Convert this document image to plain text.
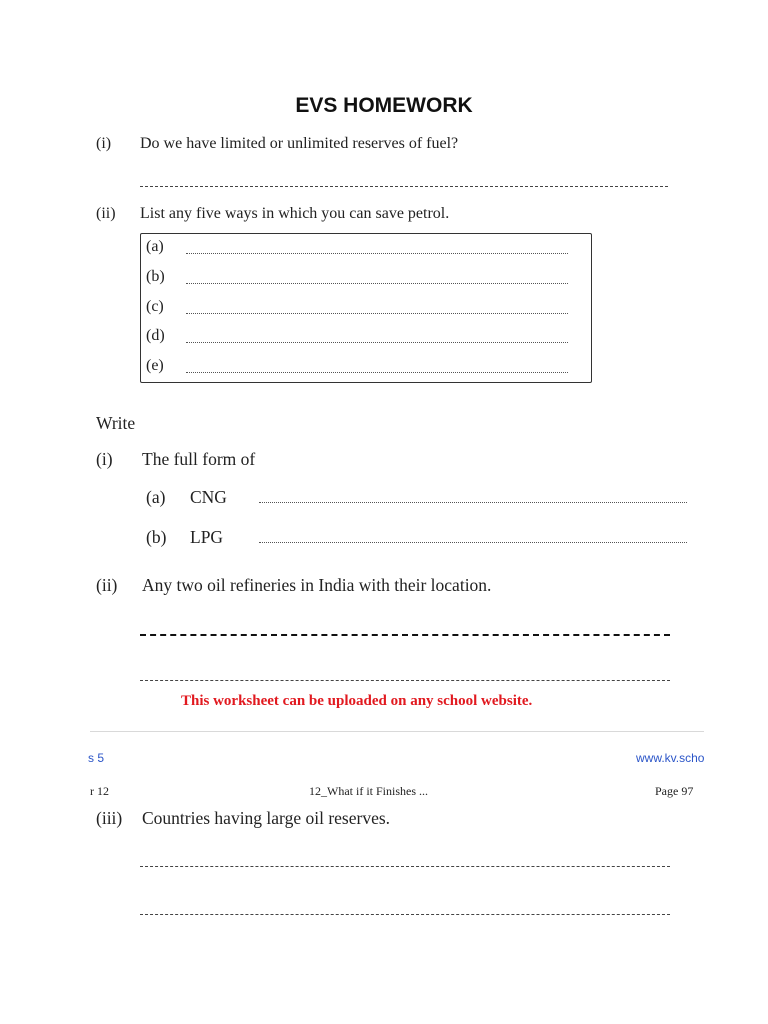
EVS HOMEWORK
(i) Do we have limited or unlimited reserves of fuel?
(ii) List any five ways in which you can save petrol.
(a)
(b)
(c)
(d)
(e)
Write
(i) The full form of
(a) CNG
(b) LPG
(ii) Any two oil refineries in India with their location.
This worksheet can be uploaded on any school website.
s 5	www.kv.scho
r 12	12_What if it Finishes ...	Page 97
(iii) Countries having large oil reserves.
